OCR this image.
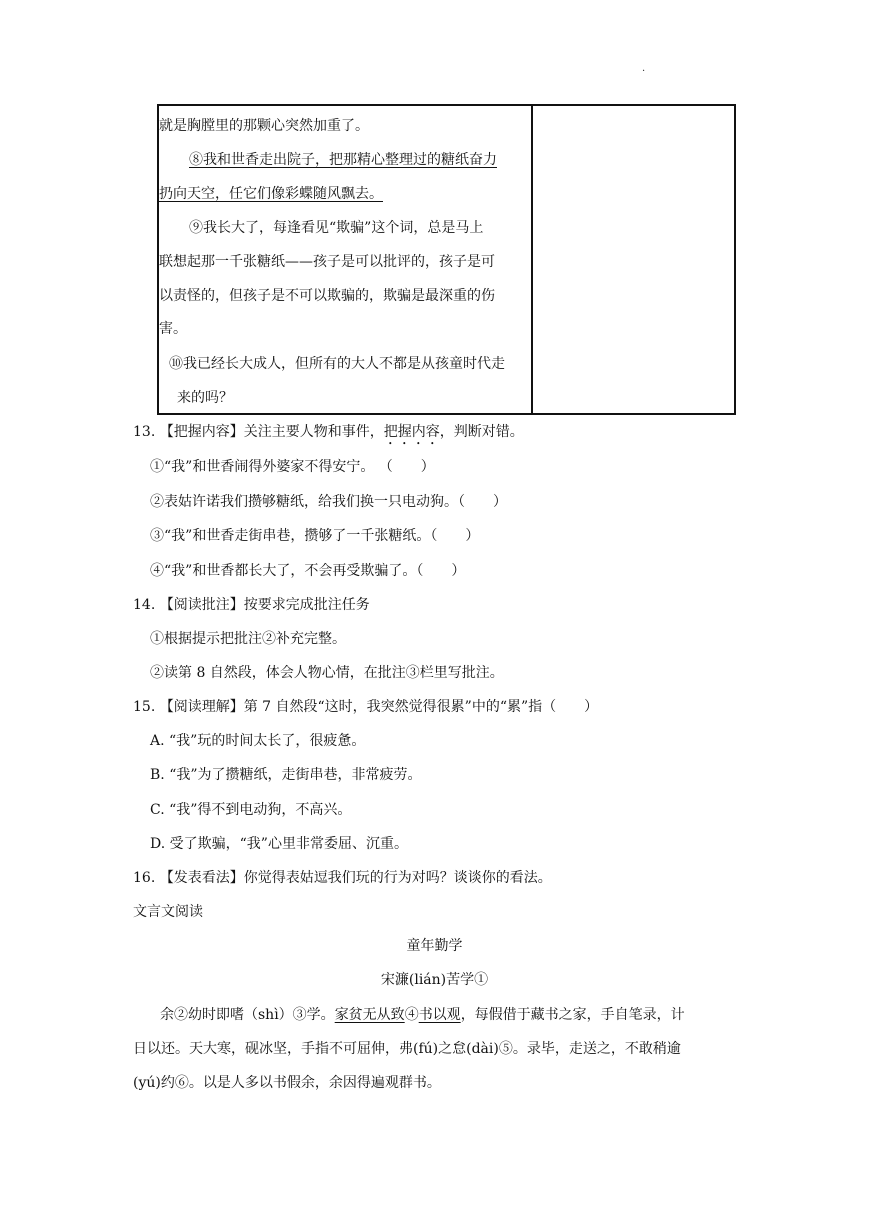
·
就是胸膛里的那颗心突然加重了。
⑧我和世香走出院子，把那精心整理过的糖纸奋力
扔向天空，任它们像彩蝶随风飘去。
⑨我长大了，每逢看见“欺骗”这个词，总是马上
联想起那一千张糖纸——孩子是可以批评的，孩子是可
以责怪的，但孩子是不可以欺骗的，欺骗是最深重的伤
害。
⑩我已经长大成人，但所有的大人不都是从孩童时代走
来的吗？
13. 【把握内容】关注主要人物和事件，把握内容，判断对错。
①“我”和世香闹得外婆家不得安宁。 （　　）
②表姑许诺我们攒够糖纸，给我们换一只电动狗。（　　）
③“我”和世香走街串巷，攒够了一千张糖纸。（　　）
④“我”和世香都长大了，不会再受欺骗了。（　　）
14. 【阅读批注】按要求完成批注任务
①根据提示把批注②补充完整。
②读第 8 自然段，体会人物心情，在批注③栏里写批注。
15. 【阅读理解】第 7 自然段“这时，我突然觉得很累”中的“累”指（　　）
A. “我”玩的时间太长了，很疲惫。
B. “我”为了攒糖纸，走街串巷，非常疲劳。
C. “我”得不到电动狗，不高兴。
D. 受了欺骗，“我”心里非常委屈、沉重。
16. 【发表看法】你觉得表姑逗我们玩的行为对吗？谈谈你的看法。
文言文阅读
童年勤学
宋濂(lián)苦学①
余②幼时即嗜（shì）③学。家贫无从致④书以观，每假借于藏书之家，手自笔录，计
日以还。天大寒，砚冰坚，手指不可屈伸，弗(fú)之怠(dài)⑤。录毕，走送之，不敢稍逾
(yú)约⑥。以是人多以书假余，余因得遍观群书。
